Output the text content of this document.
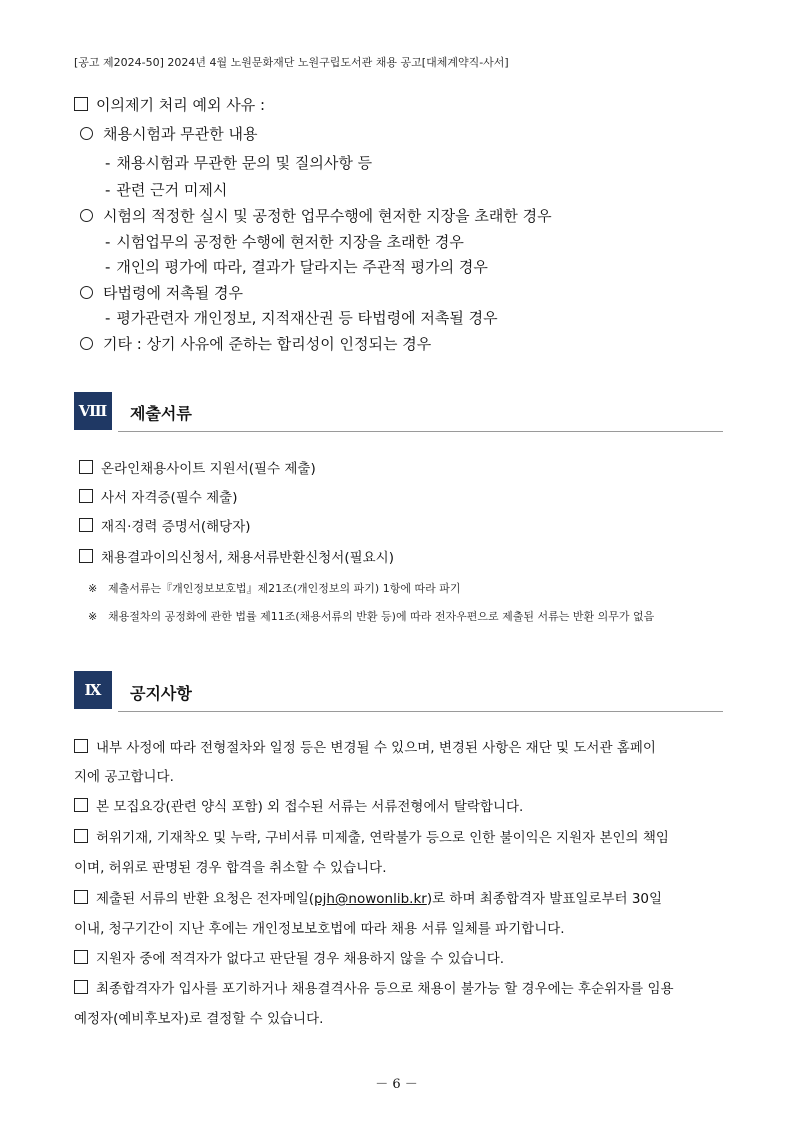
[공고 제2024-50] 2024년 4월 노원문화재단 노원구립도서관 채용 공고[대체계약직-사서]
이의제기 처리 예외 사유 :
채용시험과 무관한 내용
- 채용시험과 무관한 문의 및 질의사항 등
- 관련 근거 미제시
시험의 적정한 실시 및 공정한 업무수행에 현저한 지장을 초래한 경우
- 시험업무의 공정한 수행에 현저한 지장을 초래한 경우
- 개인의 평가에 따라, 결과가 달라지는 주관적 평가의 경우
타법령에 저촉될 경우
- 평가관련자 개인정보, 지적재산권 등 타법령에 저촉될 경우
기타 : 상기 사유에 준하는 합리성이 인정되는 경우
Ⅷ 제출서류
온라인채용사이트 지원서(필수 제출)
사서 자격증(필수 제출)
재직·경력 증명서(해당자)
채용결과이의신청서, 채용서류반환신청서(필요시)
※ 제출서류는『개인정보보호법』제21조(개인정보의 파기) 1항에 따라 파기
※ 채용절차의 공정화에 관한 법률 제11조(채용서류의 반환 등)에 따라 전자우편으로 제출된 서류는 반환 의무가 없음
Ⅸ	공지사항
내부 사정에 따라 전형절차와 일정 등은 변경될 수 있으며, 변경된 사항은 재단 및 도서관 홈페이
지에 공고합니다.
본 모집요강(관련 양식 포함) 외 접수된 서류는 서류전형에서 탈락합니다.
허위기재, 기재착오 및 누락, 구비서류 미제출, 연락불가 등으로 인한 불이익은 지원자 본인의 책임
이며, 허위로 판명된 경우 합격을 취소할 수 있습니다.
제출된 서류의 반환 요청은 전자메일(pjh@nowonlib.kr)로 하며 최종합격자 발표일로부터 30일
이내, 청구기간이 지난 후에는 개인정보보호법에 따라 채용 서류 일체를 파기합니다.
지원자 중에 적격자가 없다고 판단될 경우 채용하지 않을 수 있습니다.
최종합격자가 입사를 포기하거나 채용결격사유 등으로 채용이 불가능 할 경우에는 후순위자를 임용
예정자(예비후보자)로 결정할 수 있습니다.
－ 6 －
